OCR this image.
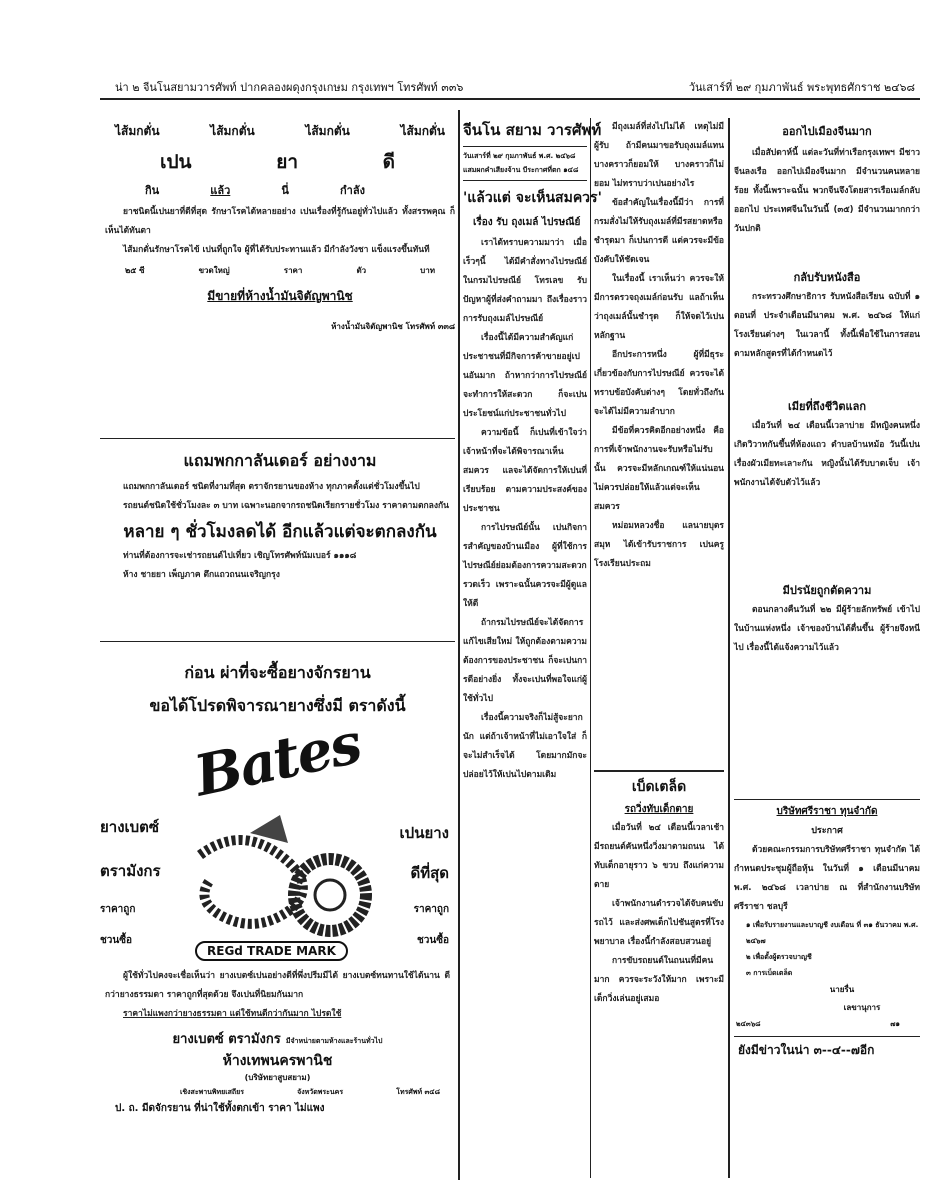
น่า ๒ จีนโนสยามวารศัพท์ ปากคลองผดุงกรุงเกษม กรุงเทพฯ โทรศัพท์ ๓๓๖	วันเสาร์ที่ ๒๙ กุมภาพันธ์ พระพุทธศักราช ๒๔๖๘
ไส้มกตั่น	ไส้มกตั่น	ไส้มกตั่น	ไส้มกตั่น
เปน	ยา	ดี
กิน	แล้ว	นี่	กำลัง

ยาชนิดนี้เปนยาที่ดีที่สุด รักษาโรคได้หลายอย่าง เปนเรื่องที่รู้กันอยู่ทั่วไปแล้ว ทั้งสรรพคุณ ก็เห็นได้ทันตา

ไส้มกตั่นรักษาโรคไข้ เปนที่ถูกใจ ผู้ที่ได้รับประทานแล้ว มีกำลังวังชา แข็งแรงขึ้นทันที

๒๕ ซี	ขวดใหญ่	ราคา	ตัว	บาท
มีขายที่ห้างน้ำมันจิตัญพานิช
ห้างน้ำมันจิตัญพานิช โทรศัพท์ ๓๓๘
แถมพกกาลันเดอร์ อย่างงาม

แถมพกกาลันเดอร์ ชนิดที่งามที่สุด ตราจักรยานของห้าง ทุกภาคตั้งแต่ชั่วโมงขึ้นไป

รถยนต์ชนิดใช้ชั่วโมงละ ๓ บาท เฉพาะนอกจากรถชนิดเรียกรายชั่วโมง ราคาตามตกลงกัน

หลาย ๆ ชั่วโมงลดได้ อีกแล้วแต่จะตกลงกัน

ท่านที่ต้องการจะเช่ารถยนต์ไปเที่ยว เชิญโทรศัพท์นัมเบอร์ ๑๑๑๘

ห้าง ชายยา เพ็ญภาค ตึกแถวถนนเจริญกรุง

ก่อน ผ่าที่จะซื้อยางจักรยาน
ขอได้โปรดพิจารณายางซึ่งมี ตราดังนี้
Bates
ยางเบตซ์
ตรามังกร
ราคาถูก
ชวนซื้อ
เปนยาง
ดีที่สุด
ราคาถูก
ชวนซื้อ
REGd TRADE MARK

ผู้ใช้ทั่วไปคงจะเชื่อเห็นว่า ยางเบตซ์เปนอย่างดีที่พึ่งปรีมมีได้ ยางเบตซ์ทนทานใช้ได้นาน ดีกว่ายางธรรมดา ราคาถูกที่สุดด้วย จึงเปนที่นิยมกันมาก

ราคาไม่แพงกว่ายางธรรมดา แต่ใช้ทนดีกว่ากันมาก ไปรดใช้

ยางเบตซ์ ตรามังกร มีจำหน่ายตามห้างและร้านทั่วไป
ห้างเทพนครพานิช
(บริษัทยาสูบสยาม)
เชิงสะพานพิทยเสถียร	จังหวัดพระนคร	โทรศัพท์ ๓๔๘
ป. ถ. มีดจักรยาน ที่น่าใช้ทั้งตกเข้า ราคา ไม่แพง
จีนโน สยาม วารศัพท์
วันเสาร์ที่ ๒๙ กุมภาพันธ์ พ.ศ. ๒๔๖๘
แสมผกคำเสียงจ้าน บีระกาศที่ตก ๑๔๘
'แล้วแต่ จะเห็นสมควร'
เรื่อง รับ ถุงเมล์ ไปรษณีย์

เราได้ทราบความมาว่า เมื่อเร็วๆนี้ ได้มีคำสั่งทางไปรษณีย์ ในกรมไปรษณีย์ โทรเลข รับปัญหาผู้ที่ส่งคำถามมา ถึงเรื่องราวการรับถุงเมล์ไปรษณีย์

เรื่องนี้ได้มีความสำคัญแก่ประชาชนที่มีกิจการค้าขายอยู่เปนอันมาก ถ้าหากว่าการไปรษณีย์จะทำการให้สะดวก ก็จะเปนประโยชน์แก่ประชาชนทั่วไป

ความข้อนี้ ก็เปนที่เข้าใจว่า เจ้าหน้าที่จะได้พิจารณาเห็นสมควร แลจะได้จัดการให้เปนที่เรียบร้อย ตามความประสงค์ของประชาชน

การไปรษณีย์นั้น เปนกิจการสำคัญของบ้านเมือง ผู้ที่ใช้การไปรษณีย์ย่อมต้องการความสะดวกรวดเร็ว เพราะฉนั้นควรจะมีผู้ดูแลให้ดี

ถ้ากรมไปรษณีย์จะได้จัดการแก้ไขเสียใหม่ ให้ถูกต้องตามความต้องการของประชาชน ก็จะเปนการดีอย่างยิ่ง ทั้งจะเปนที่พอใจแก่ผู้ใช้ทั่วไป

เรื่องนี้ความจริงก็ไม่สู้จะยากนัก แต่ถ้าเจ้าหน้าที่ไม่เอาใจใส่ ก็จะไม่สำเร็จได้ โดยมากมักจะปล่อยไว้ให้เปนไปตามเดิม

มีถุงเมล์ที่ส่งไปไม่ได้ เหตุไม่มีผู้รับ ถ้ามีคนมาขอรับถุงเมล์แทน บางคราวก็ยอมให้ บางคราวก็ไม่ยอม ไม่ทราบว่าเปนอย่างไร

ข้อสำคัญในเรื่องนี้มีว่า การที่กรมสั่งไม่ให้รับถุงเมล์ที่มีรสยาดหรือชำรุดมา ก็เปนการดี แต่ควรจะมีข้อบังคับให้ชัดเจน

ในเรื่องนี้ เราเห็นว่า ควรจะให้มีการตรวจถุงเมล์ก่อนรับ แลถ้าเห็นว่าถุงเมล์นั้นชำรุด ก็ให้จดไว้เปนหลักฐาน

อีกประการหนึ่ง ผู้ที่มีธุระเกี่ยวข้องกับการไปรษณีย์ ควรจะได้ทราบข้อบังคับต่างๆ โดยทั่วถึงกัน จะได้ไม่มีความลำบาก

มีข้อที่ควรคิดอีกอย่างหนึ่ง คือการที่เจ้าพนักงานจะรับหรือไม่รับนั้น ควรจะมีหลักเกณฑ์ให้แน่นอน ไม่ควรปล่อยให้แล้วแต่จะเห็นสมควร

หม่อมหลวงชื่อ แลนายบุตรสมุห ได้เข้ารับราชการ เปนครูโรงเรียนประถม

เบ็ดเตล็ด
รถวิ่งทับเด็กตาย

เมื่อวันที่ ๒๔ เดือนนี้เวลาเช้า มีรถยนต์คันหนึ่งวิ่งมาตามถนน ได้ทับเด็กอายุราว ๖ ขวบ ถึงแก่ความตาย

เจ้าพนักงานตำรวจได้จับคนขับรถไว้ และส่งศพเด็กไปชันสูตรที่โรงพยาบาล เรื่องนี้กำลังสอบสวนอยู่

การขับรถยนต์ในถนนที่มีคนมาก ควรจะระวังให้มาก เพราะมีเด็กวิ่งเล่นอยู่เสมอ

ออกไปเมืองจีนมาก

เมื่อสัปดาห์นี้ แต่ละวันที่ท่าเรือกรุงเทพฯ มีชาวจีนลงเรือ ออกไปเมืองจีนมาก มีจำนวนคนหลายร้อย ทั้งนี้เพราะฉนั้น พวกจีนจึงโดยสารเรือเมล์กลับออกไป ประเทศจีนในวันนี้ (๓๕) มีจำนวนมากกว่าวันปกติ

กลับรับหนังสือ

กระทรวงศึกษาธิการ รับหนังสือเรียน ฉบับที่ ๑ ตอนที่ ประจำเดือนมีนาคม พ.ศ. ๒๔๖๘ ให้แก่โรงเรียนต่างๆ ในเวลานี้ ทั้งนี้เพื่อใช้ในการสอน ตามหลักสูตรที่ได้กำหนดไว้

เมียที่ถึงชีวิตแลก

เมื่อวันที่ ๒๔ เดือนนี้เวลาบ่าย มีหญิงคนหนึ่งเกิดวิวาทกันขึ้นที่ห้องแถว ตำบลบ้านหม้อ วันนี้เปนเรื่องผัวเมียทะเลาะกัน หญิงนั้นได้รับบาดเจ็บ เจ้าพนักงานได้จับตัวไว้แล้ว

มีปรนัยถูกตัดความ

ตอนกลางคืนวันที่ ๒๒ มีผู้ร้ายลักทรัพย์ เข้าไปในบ้านแห่งหนึ่ง เจ้าของบ้านได้ตื่นขึ้น ผู้ร้ายจึงหนีไป เรื่องนี้ได้แจ้งความไว้แล้ว

บริษัทศรีราชา ทุนจำกัด
ประกาศ

ด้วยคณะกรรมการบริษัทศรีราชา ทุนจำกัด ได้กำหนดประชุมผู้ถือหุ้น ในวันที่ ๑ เดือนมีนาคม พ.ศ. ๒๔๖๘ เวลาบ่าย ณ ที่สำนักงานบริษัท ศรีราชา ชลบุรี

๑ เพื่อรับรายงานและบาญชี งบเดือน ที่ ๓๑ ธันวาคม พ.ศ. ๒๔๖๗
๒ เพื่อตั้งผู้ตรวจบาญชี
๓ การเบ็ดเตล็ด
นายรื่น
เลขานุการ
๒๔ ๓ ๖๘	๗๑
ยังมีข่าวในน่า ๓--๔--๗อีก
